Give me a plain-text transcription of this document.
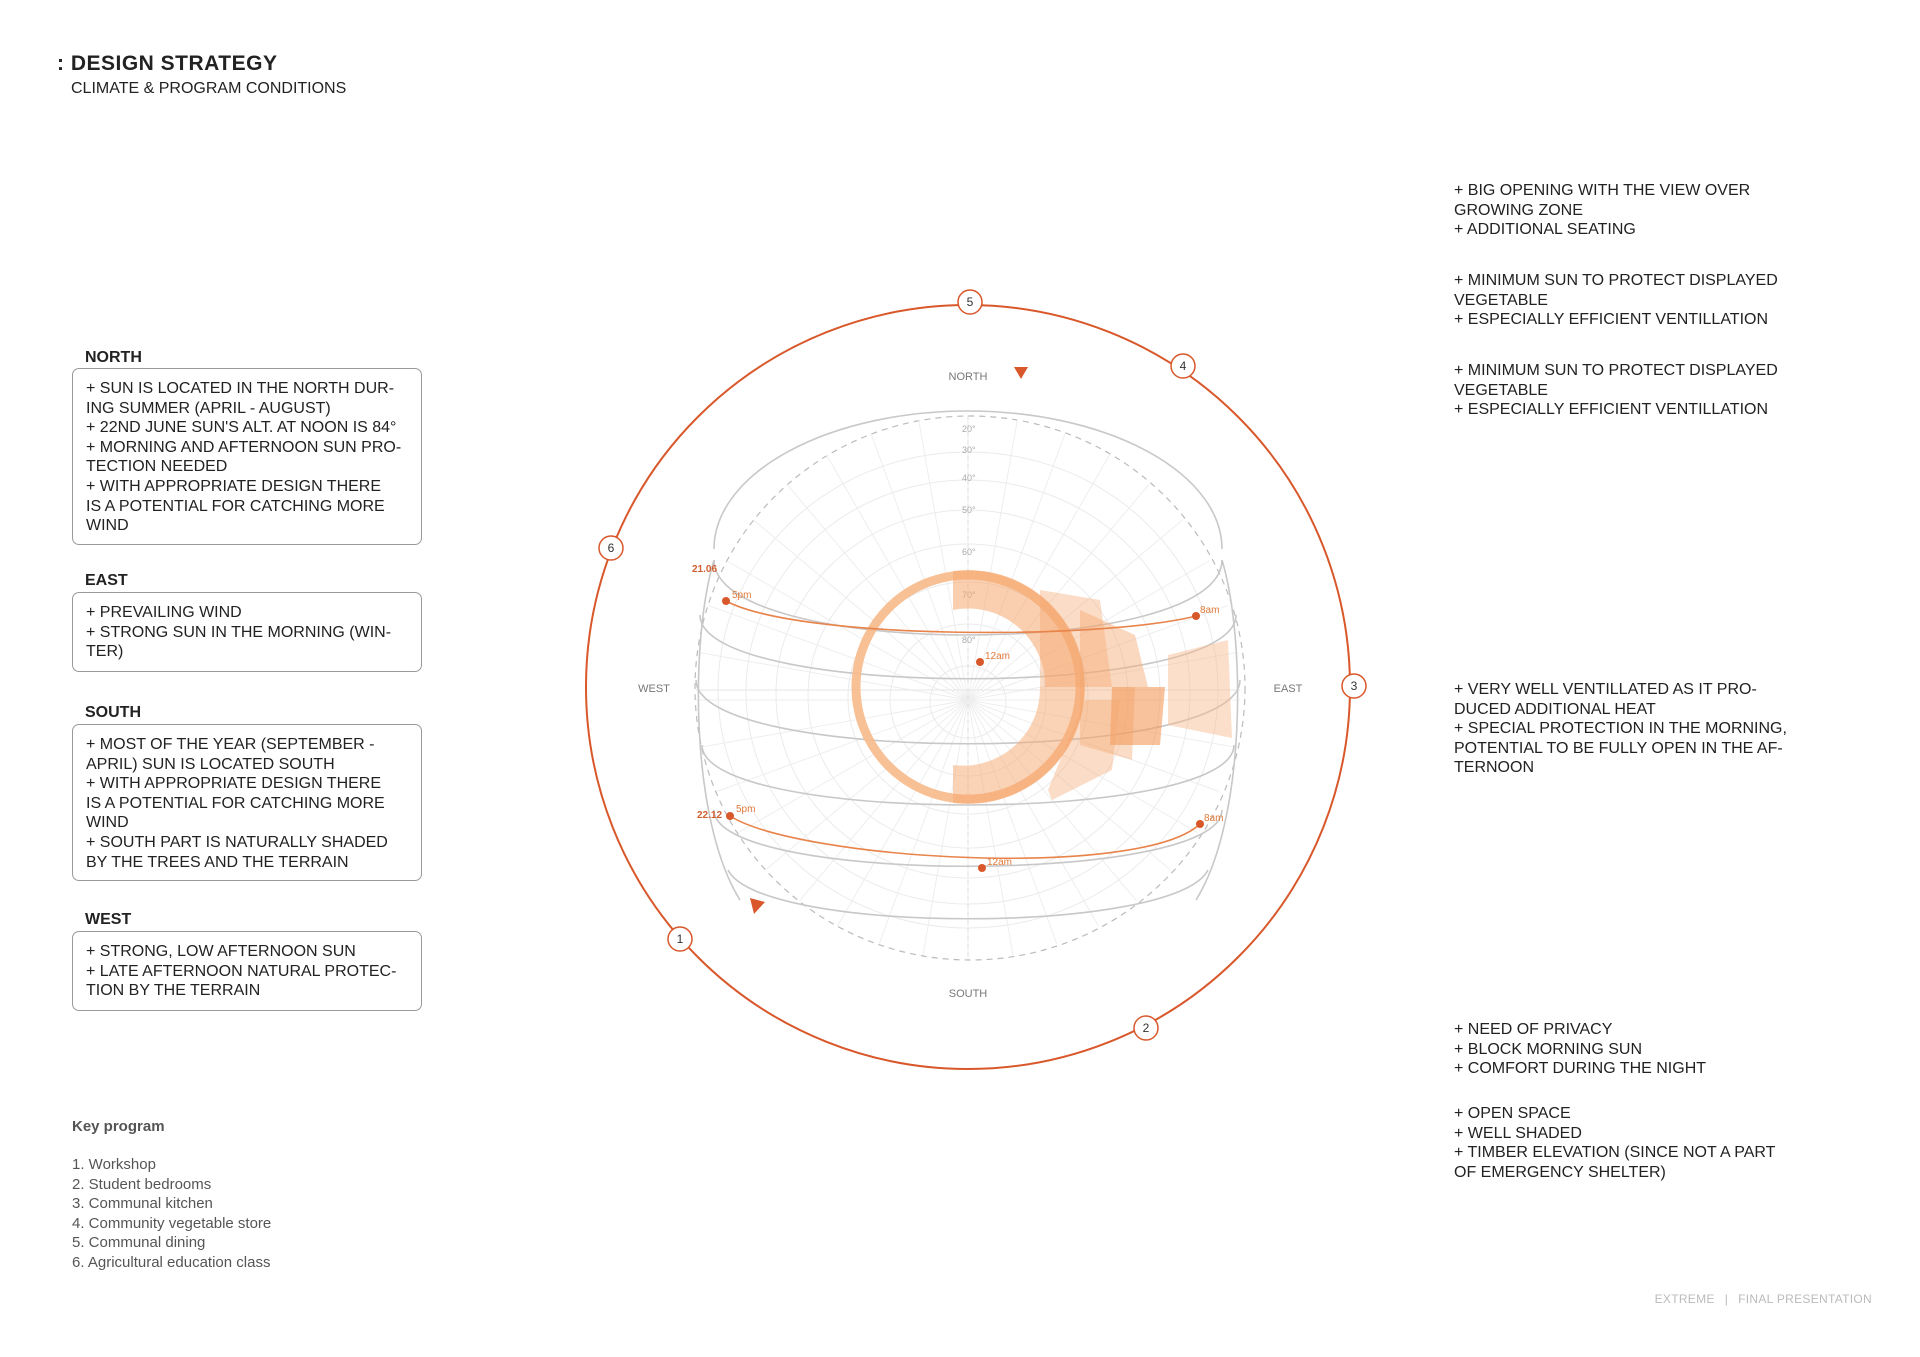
: DESIGN STRATEGY
CLIMATE & PROGRAM CONDITIONS
NORTH
+ SUN IS LOCATED IN THE NORTH DUR-
ING SUMMER (APRIL - AUGUST)
+ 22ND JUNE SUN'S ALT. AT NOON IS 84°
+ MORNING AND AFTERNOON SUN PRO-
TECTION NEEDED
+ WITH APPROPRIATE DESIGN THERE
IS A POTENTIAL FOR CATCHING MORE
WIND
EAST
+ PREVAILING WIND
+ STRONG SUN IN THE MORNING (WIN-
TER)
SOUTH
+ MOST OF THE YEAR (SEPTEMBER -
APRIL) SUN IS LOCATED SOUTH
+ WITH APPROPRIATE DESIGN THERE
IS A POTENTIAL FOR CATCHING MORE
WIND
+ SOUTH PART IS NATURALLY SHADED
BY THE TREES AND THE TERRAIN
WEST
+ STRONG, LOW AFTERNOON SUN
+ LATE AFTERNOON NATURAL PROTEC-
TION BY THE TERRAIN
Key program
1. Workshop
2. Student bedrooms
3. Communal kitchen
4. Community vegetable store
5. Communal dining
6. Agricultural education class
+ BIG OPENING WITH THE VIEW OVER
GROWING ZONE
+ ADDITIONAL SEATING
+ MINIMUM SUN TO PROTECT DISPLAYED
VEGETABLE
+ ESPECIALLY EFFICIENT VENTILLATION
+ MINIMUM SUN TO PROTECT DISPLAYED
VEGETABLE
+ ESPECIALLY EFFICIENT VENTILLATION
+ VERY WELL VENTILLATED AS IT PRO-
DUCED ADDITIONAL HEAT
+ SPECIAL PROTECTION IN THE MORNING,
POTENTIAL TO BE FULLY OPEN IN THE AF-
TERNOON
+ NEED OF PRIVACY
+ BLOCK MORNING SUN
+ COMFORT DURING THE NIGHT
+ OPEN SPACE
+ WELL SHADED
+ TIMBER ELEVATION (SINCE NOT A PART
OF EMERGENCY SHELTER)
EXTREME | FINAL PRESENTATION
20°
30°
40°
50°
60°
80°
NORTH
EAST
SOUTH
WEST
21.06
5pm
12am
8am
22.12
5pm
12am
8am
5
4
3
2
1
6
